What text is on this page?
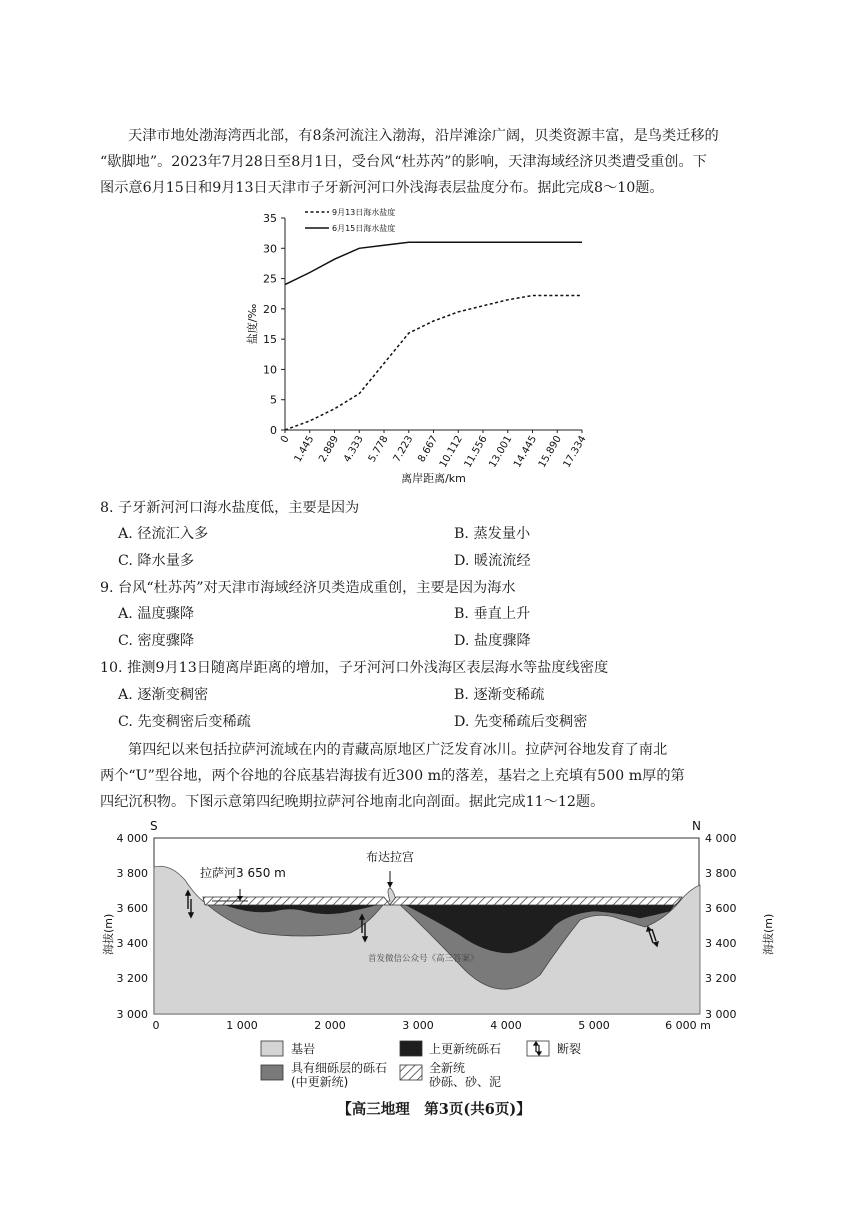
天津市地处渤海湾西北部，有8条河流注入渤海，沿岸滩涂广阔，贝类资源丰富，是鸟类迁移的
“歇脚地”。2023年7月28日至8月1日，受台风“杜苏芮”的影响，天津海域经济贝类遭受重创。下
图示意6月15日和9月13日天津市子牙新河河口外浅海表层盐度分布。据此完成8～10题。
0
5
10
15
20
25
30
35
0 1.445 2.889 4.333 5.778 7.223 8.667
10.112
11.556
13.001
14.445
15.890
17.334
9月13日海水盐度
6月15日海水盐度
盐度/‰
离岸距离/km
8. 子牙新河河口海水盐度低，主要是因为
A. 径流汇入多	B. 蒸发量小
C. 降水量多	D. 暖流流经
9. 台风“杜苏芮”对天津市海域经济贝类造成重创，主要是因为海水
A. 温度骤降	B. 垂直上升
C. 密度骤降	D. 盐度骤降
10. 推测9月13日随离岸距离的增加，子牙河河口外浅海区表层海水等盐度线密度
A. 逐渐变稠密	B. 逐渐变稀疏
C. 先变稠密后变稀疏	D. 先变稀疏后变稠密
第四纪以来包括拉萨河流域在内的青藏高原地区广泛发育冰川。拉萨河谷地发育了南北
两个“U”型谷地，两个谷地的谷底基岩海拔有近300 m的落差，基岩之上充填有500 m厚的第
四纪沉积物。下图示意第四纪晚期拉萨河谷地南北向剖面。据此完成11～12题。
拉萨河3 650 m
布达拉宫
首发微信公众号《高三答案》
S	N
4 000
3 800
3 600
3 400
3 200
3 000
4 000
3 800
3 600
3 400
3 200
3 000
海拔(m)	海拔(m)
0	1 000	2 000	3 000	4 000	5 000	6 000 m
基岩	上更新统砾石	断裂
具有细砾层的砾石
(中更新统)
全新统
砂砾、砂、泥
【高三地理　第3页(共6页)】
